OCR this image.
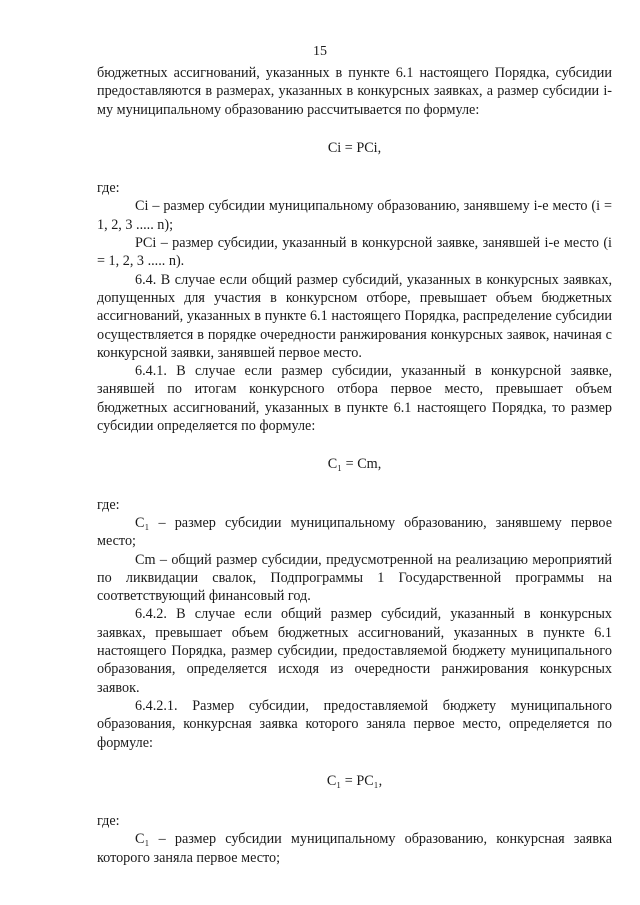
15

бюджетных ассигнований, указанных в пункте 6.1 настоящего Порядка, субсидии предоставляются в размерах, указанных в конкурсных заявках, а размер субсидии i-му муниципальному образованию рассчитывается по формуле:

Ci = PCi,

где:

Ci – размер субсидии муниципальному образованию, занявшему i-е место (i = 1, 2, 3 ..... n);

PCi – размер субсидии, указанный в конкурсной заявке, занявшей i-е место (i = 1, 2, 3 ..... n).

6.4. В случае если общий размер субсидий, указанных в конкурсных заявках, допущенных для участия в конкурсном отборе, превышает объем бюджетных ассигнований, указанных в пункте 6.1 настоящего Порядка, распределение субсидии осуществляется в порядке очередности ранжирования конкурсных заявок, начиная с конкурсной заявки, занявшей первое место.

6.4.1. В случае если размер субсидии, указанный в конкурсной заявке, занявшей по итогам конкурсного отбора первое место, превышает объем бюджетных ассигнований, указанных в пункте 6.1 настоящего Порядка, то размер субсидии определяется по формуле:

C₁ = Cm,

где:

C₁ – размер субсидии муниципальному образованию, занявшему первое место;

Cm – общий размер субсидии, предусмотренной на реализацию мероприятий по ликвидации свалок, Подпрограммы 1 Государственной программы на соответствующий финансовый год.

6.4.2. В случае если общий размер субсидий, указанный в конкурсных заявках, превышает объем бюджетных ассигнований, указанных в пункте 6.1 настоящего Порядка, размер субсидии, предоставляемой бюджету муниципального образования, определяется исходя из очередности ранжирования конкурсных заявок.

6.4.2.1. Размер субсидии, предоставляемой бюджету муниципального образования, конкурсная заявка которого заняла первое место, определяется по формуле:

C₁ = PC₁,

где:

C₁ – размер субсидии муниципальному образованию, конкурсная заявка которого заняла первое место;
